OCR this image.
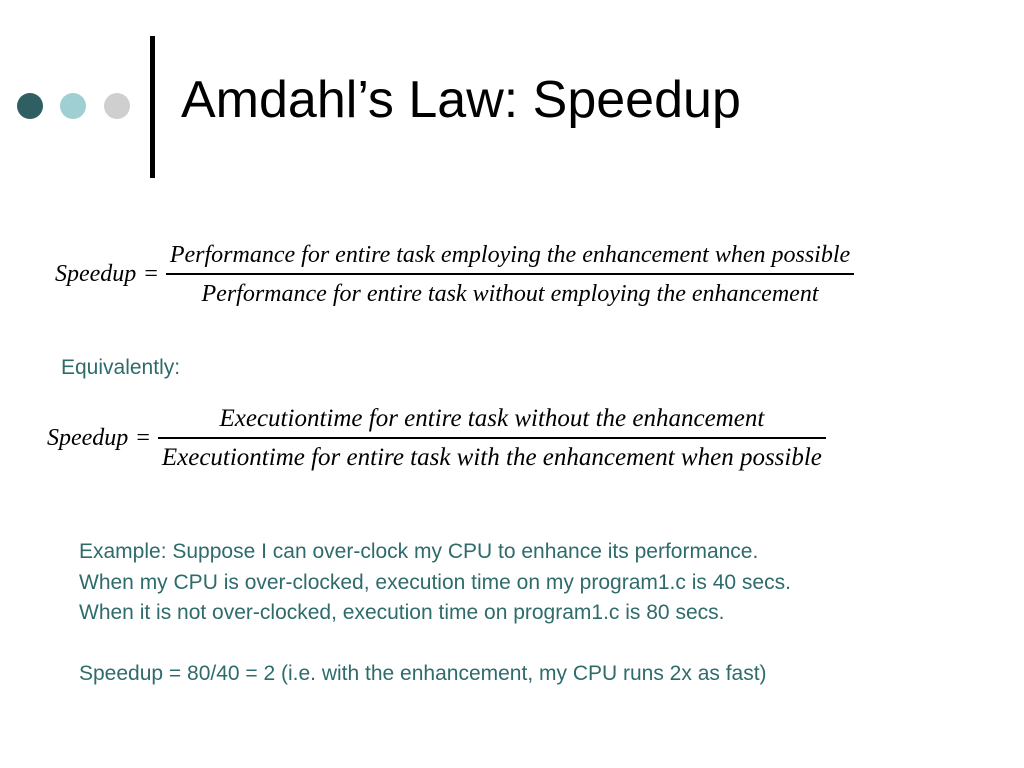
Amdahl’s Law: Speedup
Speedup =
Performance for entire task employing the enhancement when possible
Performance for entire task without employing the enhancement
Equivalently:
Speedup =
Executiontime for entire task without the enhancement
Executiontime for entire task with the enhancement when possible
Example: Suppose I can over-clock my CPU to enhance its performance.
When my CPU is over-clocked, execution time on my program1.c is 40 secs.
When it is not over-clocked, execution time on program1.c is 80 secs.
Speedup = 80/40 = 2 (i.e. with the enhancement, my CPU runs 2x as fast)
